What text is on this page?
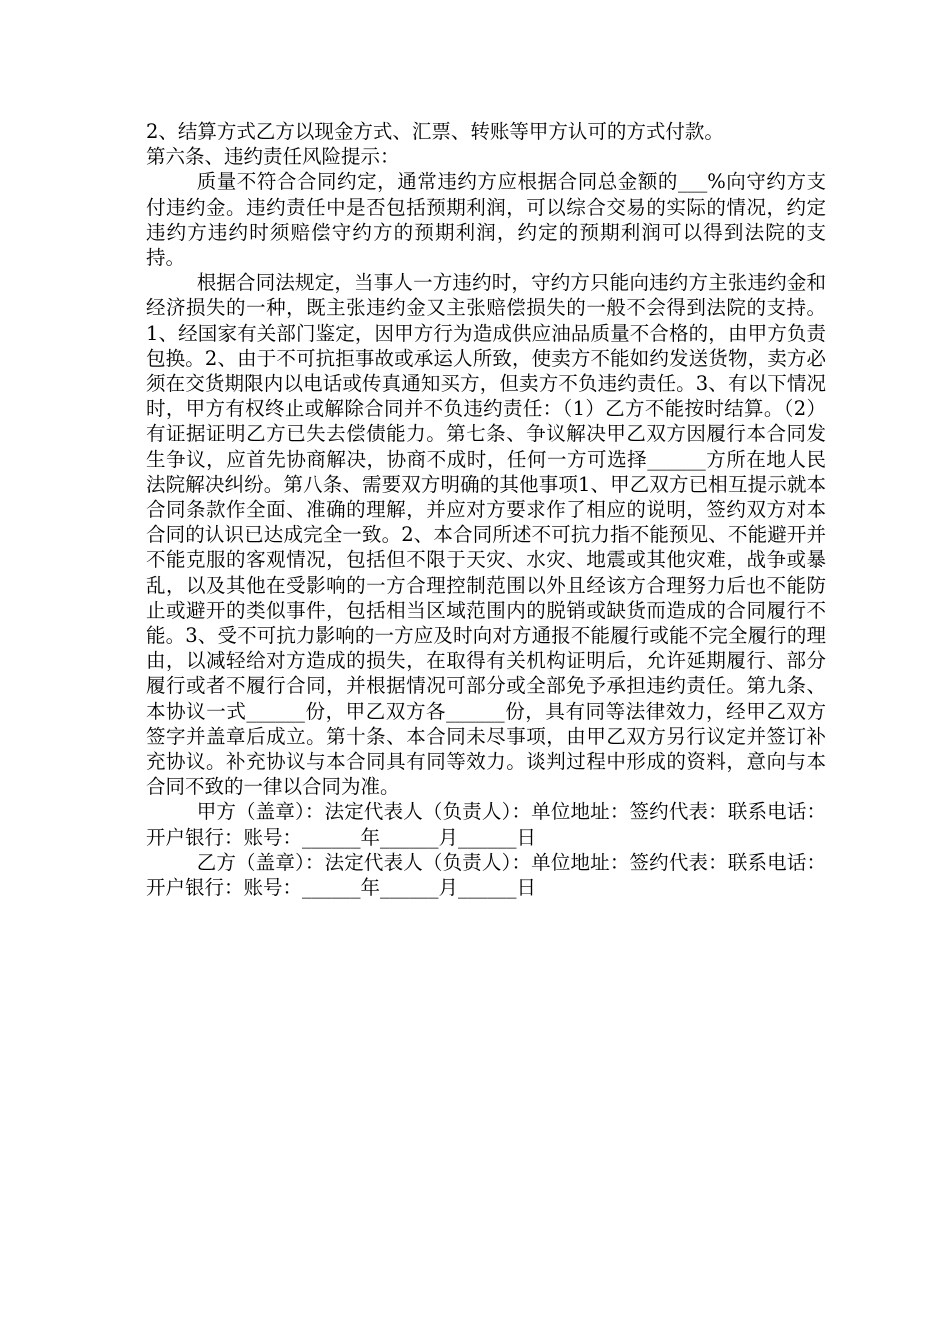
2、结算方式乙方以现金方式、汇票、转账等甲方认可的方式付款。

第六条、违约责任风险提示：

质量不符合合同约定，通常违约方应根据合同总金额的___%向守约方支付违约金。违约责任中是否包括预期利润，可以综合交易的实际的情况，约定违约方违约时须赔偿守约方的预期利润，约定的预期利润可以得到法院的支持。

根据合同法规定，当事人一方违约时，守约方只能向违约方主张违约金和经济损失的一种，既主张违约金又主张赔偿损失的一般不会得到法院的支持。1、经国家有关部门鉴定，因甲方行为造成供应油品质量不合格的，由甲方负责包换。2、由于不可抗拒事故或承运人所致，使卖方不能如约发送货物，卖方必须在交货期限内以电话或传真通知买方，但卖方不负违约责任。3、有以下情况时，甲方有权终止或解除合同并不负违约责任：（1）乙方不能按时结算。（2）有证据证明乙方已失去偿债能力。第七条、争议解决甲乙双方因履行本合同发生争议，应首先协商解决，协商不成时，任何一方可选择______方所在地人民法院解决纠纷。第八条、需要双方明确的其他事项1、甲乙双方已相互提示就本合同条款作全面、准确的理解，并应对方要求作了相应的说明，签约双方对本合同的认识已达成完全一致。2、本合同所述不可抗力指不能预见、不能避开并不能克服的客观情况，包括但不限于天灾、水灾、地震或其他灾难，战争或暴乱，以及其他在受影响的一方合理控制范围以外且经该方合理努力后也不能防止或避开的类似事件，包括相当区域范围内的脱销或缺货而造成的合同履行不能。3、受不可抗力影响的一方应及时向对方通报不能履行或能不完全履行的理由，以减轻给对方造成的损失，在取得有关机构证明后，允许延期履行、部分履行或者不履行合同，并根据情况可部分或全部免予承担违约责任。第九条、本协议一式______份，甲乙双方各______份，具有同等法律效力，经甲乙双方签字并盖章后成立。第十条、本合同未尽事项，由甲乙双方另行议定并签订补充协议。补充协议与本合同具有同等效力。谈判过程中形成的资料，意向与本合同不致的一律以合同为准。

甲方（盖章）：法定代表人（负责人）：单位地址：签约代表：联系电话：开户银行：账号：______年______月______日

乙方（盖章）：法定代表人（负责人）：单位地址：签约代表：联系电话：开户银行：账号：______年______月______日
